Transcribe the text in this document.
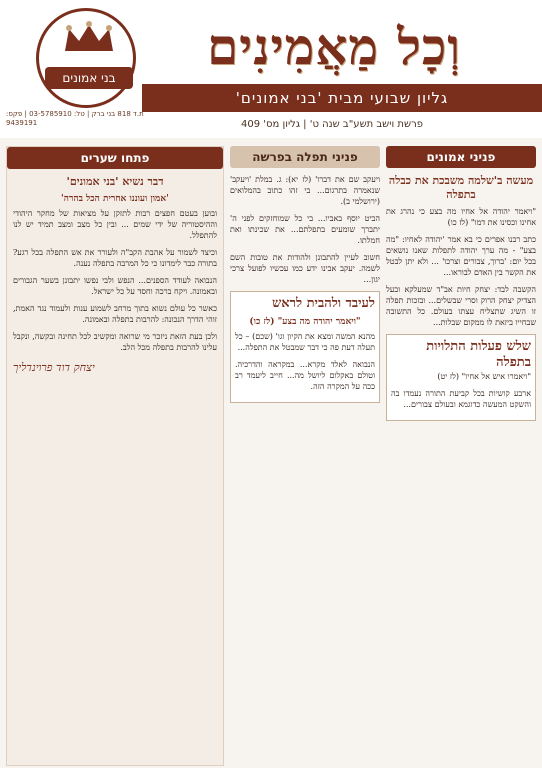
וְכָל מַאֲמִינִים
גליון שבועי מבית 'בני אמונים'
פרשת וישב תשע"ב שנה ט' | גליון מס' 409
בני אמונים
ת.ד 818 בני ברק | טל: 03-5785910 | פקס: 9439191
פניני אמונים
מעשה ב'שלמה משבכת את כבלה בתפלה
"ויאמר יהודה אל אחיו מה בצע כי נהרג את אחינו וכסינו את דמו" (לז כו)
כתב רבנו אפרים כי בא אמר 'יהודה לאחיו: "מה בצע" - מה ערך יהודה לתפלות שאנו נושאים בכל יום: 'ברוך, צבורים וצרכו' ... ולא יתן לבטל את הקשר בין האדם לבוראו...
הקשבה לבד: יצחק חיות אב"ד שמעלקא ובעל הצדיק יצחק הרוק וסרי שבשלים... ובזכות תפלה זו השיג שתצליח עצתו בעולם. כל התשובה שבחייו ביזאת לו ממקום שבלות...
שלש פעלות התלויות בתפלה
"ויאמרו איש אל אחיו" (לז יט)
ארבע קושיות בכל קביעת התורה נעמדו בה והשקט המעשה כדוגמא ובעולם צבורים...
פניני תפלה בפרשה
ויעקב שם את דברו' (לז יא): ג. במלת 'ויעקב' שנאמרה בתרגום... בי זהו כתוב בהמלואים (ירושלמי ב).
הביט יוסף באביו... בי כל שמוחזקים לפני ה' יתברך שומעים בתפלתם... את שכינתו ואת חמלתו.
חשוב לעיין להתבונן ולהודות את טובות השם לשמה. יעקב אבינו ידע כמו עכשיו לפועל צרכי יגון...
לעיבד ולהבית לראש
"ויאמר יהודה מה בצע" (לז כו)
מהנא המשה ומצא את הקיון וגו' (שכם) – כל תעלה דעת פה כי דבר שמבטל את התפלה...
הנבואה לאלד מקרא... במקראה והדרכיה. וטולם באקלום ליושל מה... חייב ליעמד רב ככה על המקרה הזה.
פתחו שערים
דבר נשיא 'בני אמונים'
'אמון ועוננו אחרית הכל בהרה'
ובוען בעטם חפצים רבות לתזקן על מציאות של מחקר היהודי וההיסטוריה של ידי שמים ... ובין כל מצב ומצב תמיד יש לנו להתפלל.
וכיצד לשמור על אהבת הקב"ה ולעורר את אש התפלה בכל רגע? בתורה כבר לימדונו כי כל המרבה בתפלה נענה.
הנבואה לעודד הספנים... הנפש ולבי נפשו יתבונן בשער הגבורים ובאמונה. ויקח ברכה וחסד על כל ישראל.
כאשר כל עולם נשוא בתוך מרחב לשמוע ענות ולעמוד נגד האמת, זוהי הדרך הנכונה: להרבות בתפלה ובאמונה.
ולכן בעת הזאת ניזכר מי שרואה ומקשיב לכל תחינה ובקשה, ונקבל עלינו להרבות בתפלה מכל הלב.
יצחק דוד פרוינדליך
